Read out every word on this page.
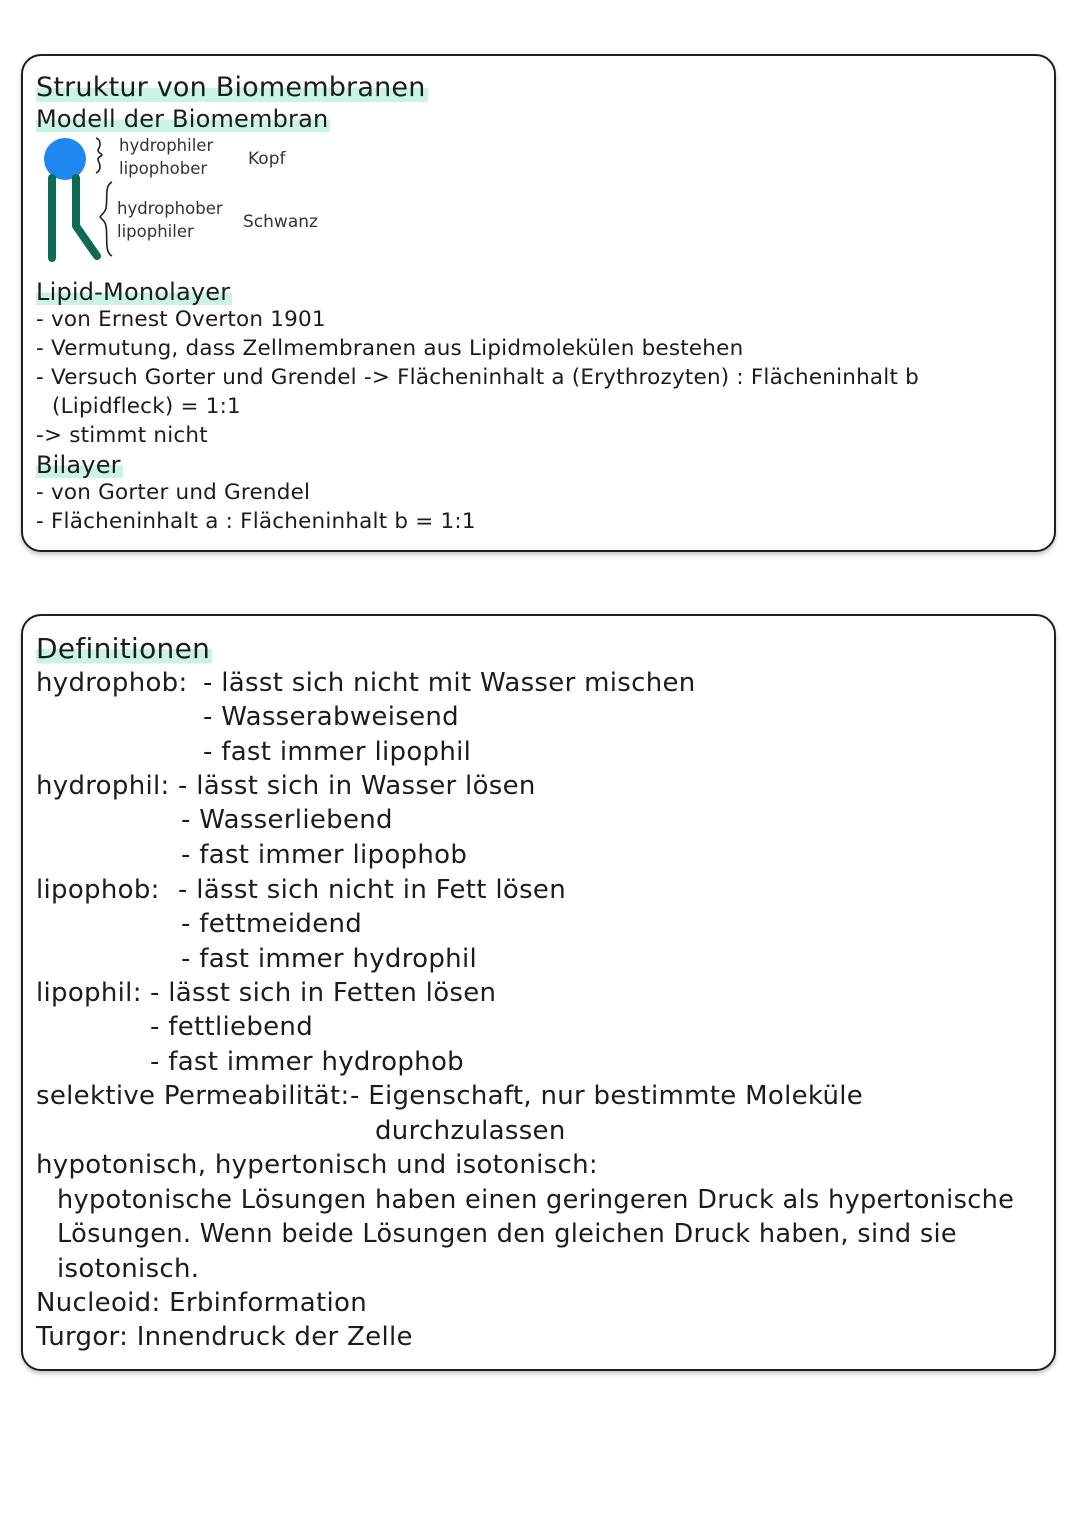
Struktur von Biomembranen
Modell der Biomembran
hydrophiler
lipophober Kopf
hydrophober
lipophiler	Schwanz
Lipid-Monolayer
- von Ernest Overton 1901
- Vermutung, dass Zellmembranen aus Lipidmolekülen bestehen
- Versuch Gorter und Grendel -> Flächeninhalt a (Erythrozyten) : Flächeninhalt b
(Lipidfleck) = 1:1
-> stimmt nicht
Bilayer
- von Gorter und Grendel
- Flächeninhalt a : Flächeninhalt b = 1:1
Definitionen
hydrophob: - lässt sich nicht mit Wasser mischen
- Wasserabweisend
- fast immer lipophil
hydrophil: - lässt sich in Wasser lösen
- Wasserliebend
- fast immer lipophob
lipophob: - lässt sich nicht in Fett lösen
- fettmeidend
- fast immer hydrophil
lipophil: - lässt sich in Fetten lösen
- fettliebend
- fast immer hydrophob
selektive Permeabilität: - Eigenschaft, nur bestimmte Moleküle
durchzulassen
hypotonisch, hypertonisch und isotonisch:
hypotonische Lösungen haben einen geringeren Druck als hypertonische
Lösungen. Wenn beide Lösungen den gleichen Druck haben, sind sie
isotonisch.
Nucleoid: Erbinformation
Turgor: Innendruck der Zelle
